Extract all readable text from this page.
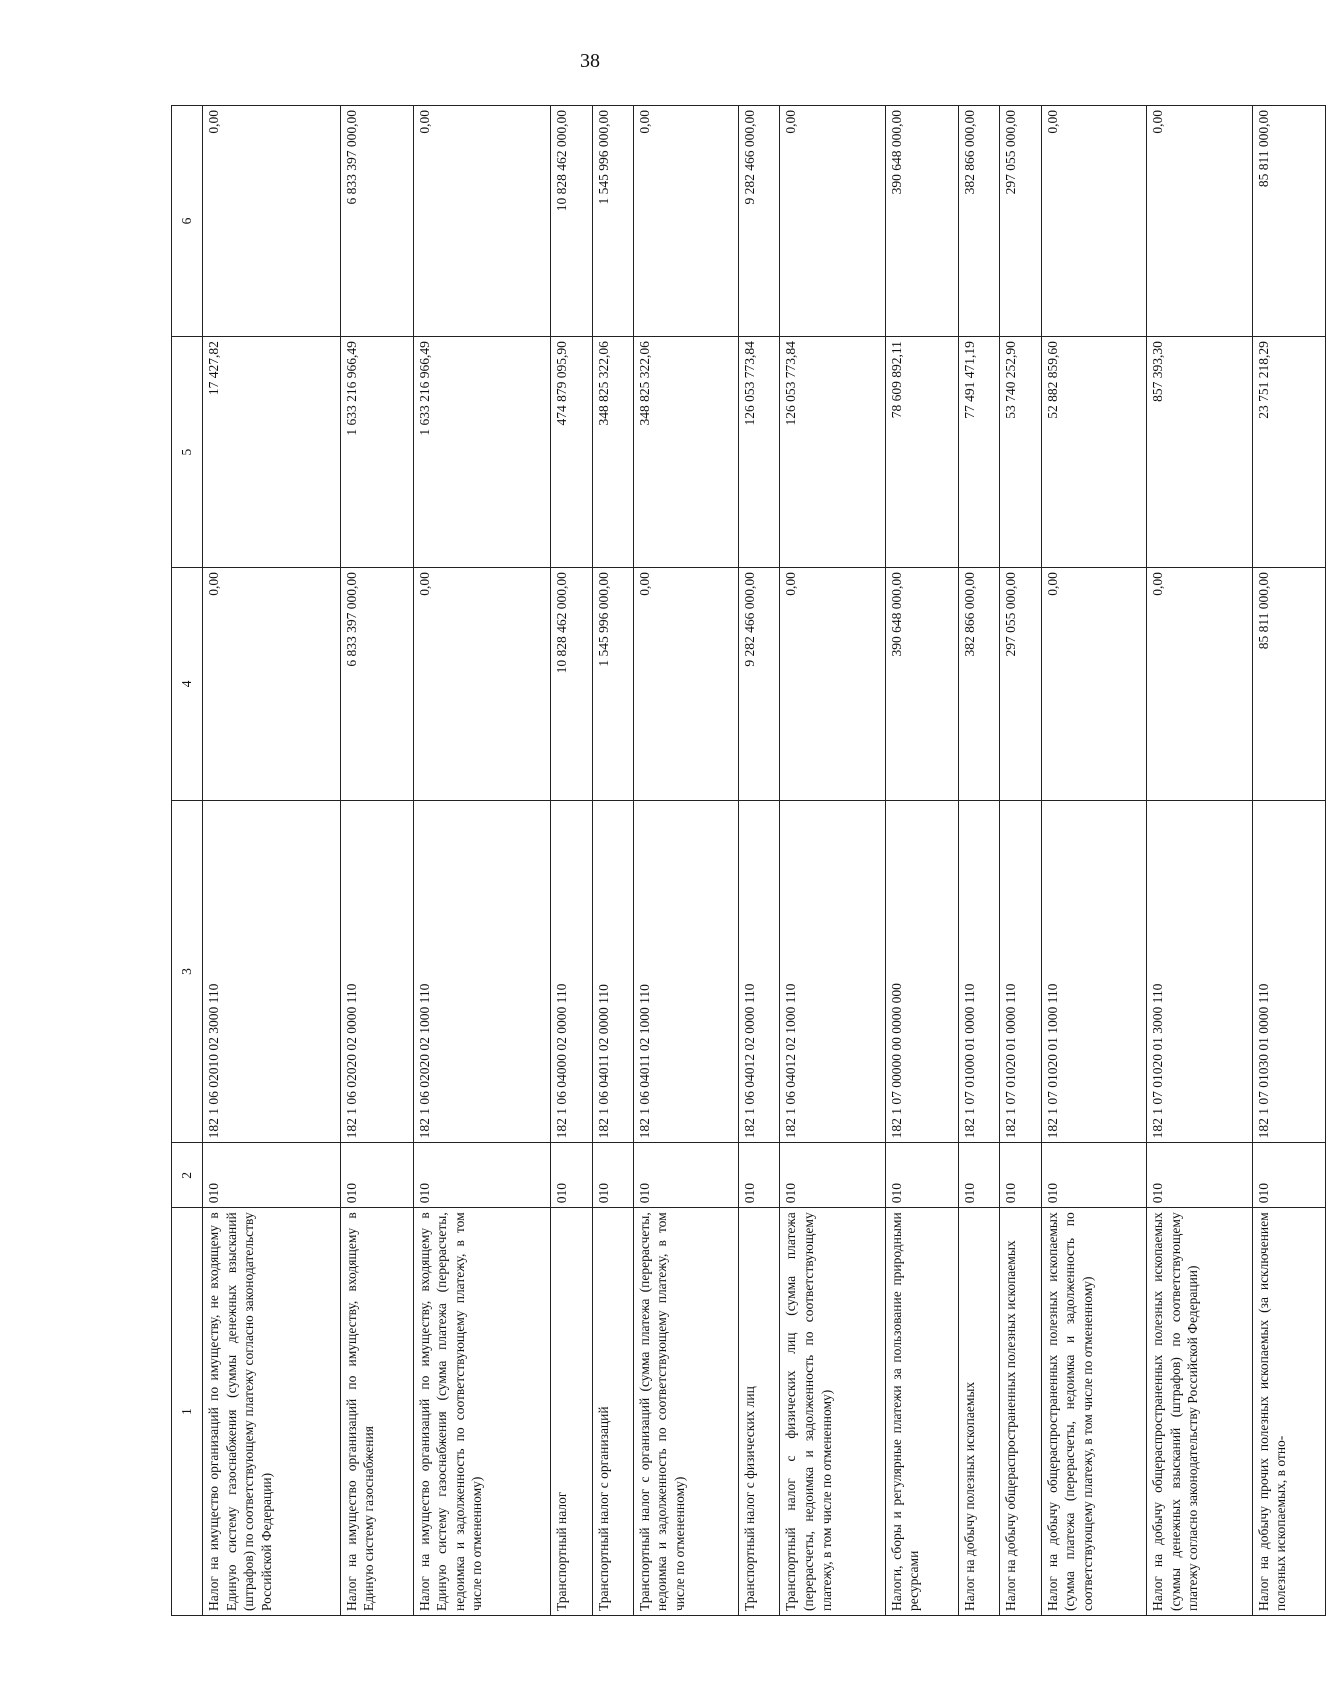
38
1	2	3	4	5	6
Налог на имущество организаций по имуществу, не входящему в Единую систему газоснабжения (суммы денежных взысканий (штрафов) по соответствующему платежу согласно законодательству Российской Федерации)	010	182 1 06 02010 02 3000 110	0,00	17 427,82	0,00
Налог на имущество организаций по имуществу, входящему в Единую систему газоснабжения	010	182 1 06 02020 02 0000 110	6 833 397 000,00	1 633 216 966,49	6 833 397 000,00
Налог на имущество организаций по имуществу, входящему в Единую систему газоснабжения (сумма платежа (перерасчеты, недоимка и задолженность по соответствующему платежу, в том числе по отмененному)	010	182 1 06 02020 02 1000 110	0,00	1 633 216 966,49	0,00
Транспортный налог	010	182 1 06 04000 02 0000 110	10 828 462 000,00	474 879 095,90	10 828 462 000,00
Транспортный налог с организаций	010	182 1 06 04011 02 0000 110	1 545 996 000,00	348 825 322,06	1 545 996 000,00
Транспортный налог с организаций (сумма платежа (перерасчеты, недоимка и задолженность по соответствующему платежу, в том числе по отмененному)	010	182 1 06 04011 02 1000 110	0,00	348 825 322,06	0,00
Транспортный налог с физических лиц	010	182 1 06 04012 02 0000 110	9 282 466 000,00	126 053 773,84	9 282 466 000,00
Транспортный налог с физических лиц (сумма платежа (перерасчеты, недоимка и задолженность по соответствующему платежу, в том числе по отмененному)	010	182 1 06 04012 02 1000 110	0,00	126 053 773,84	0,00
Налоги, сборы и регулярные платежи за пользование природными ресурсами	010	182 1 07 00000 00 0000 000	390 648 000,00	78 609 892,11	390 648 000,00
Налог на добычу полезных ископаемых	010	182 1 07 01000 01 0000 110	382 866 000,00	77 491 471,19	382 866 000,00
Налог на добычу общераспространенных полезных ископаемых	010	182 1 07 01020 01 0000 110	297 055 000,00	53 740 252,90	297 055 000,00
Налог на добычу общераспространенных полезных ископаемых (сумма платежа (перерасчеты, недоимка и задолженность по соответствующему платежу, в том числе по отмененному)	010	182 1 07 01020 01 1000 110	0,00	52 882 859,60	0,00
Налог на добычу общераспространенных полезных ископаемых (суммы денежных взысканий (штрафов) по соответствующему платежу согласно законодательству Российской Федерации)	010	182 1 07 01020 01 3000 110	0,00	857 393,30	0,00
Налог на добычу прочих полезных ископаемых (за исключением полезных ископаемых, в отно-	010	182 1 07 01030 01 0000 110	85 811 000,00	23 751 218,29	85 811 000,00
